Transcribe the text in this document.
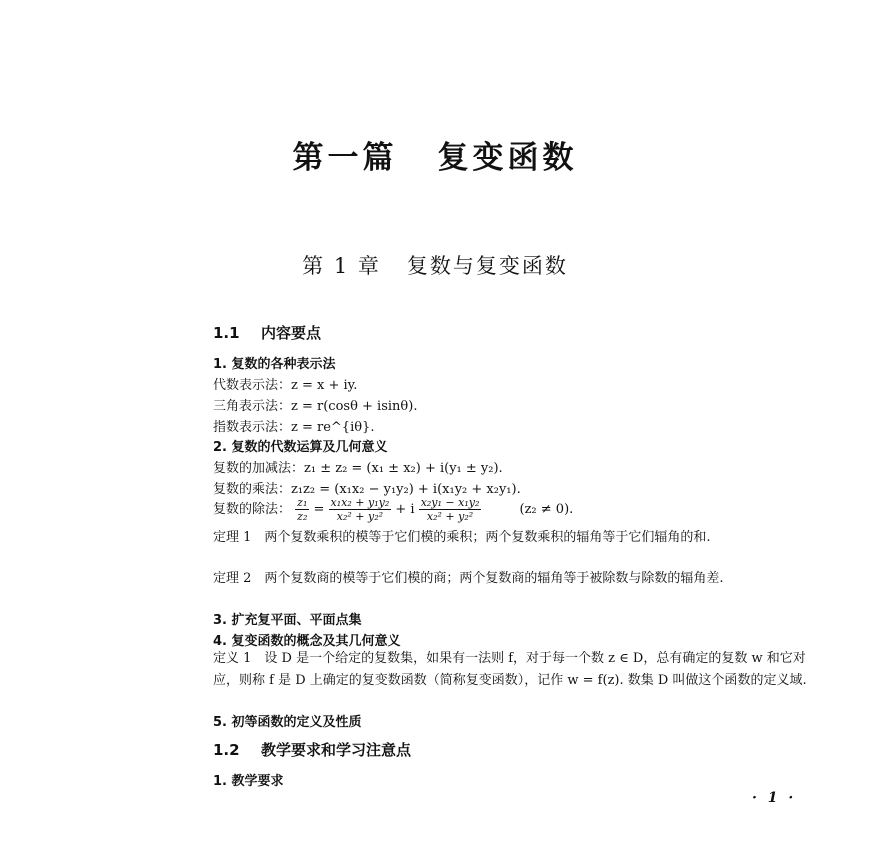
第一篇 复变函数
第 1 章 复数与复变函数
1.1 内容要点
1. 复数的各种表示法
代数表示法：z = x + iy.
三角表示法：z = r(cosθ + isinθ).
指数表示法：z = re^{iθ}.
2. 复数的代数运算及几何意义
复数的加减法：z₁ ± z₂ = (x₁ ± x₂) + i(y₁ ± y₂).
复数的乘法：z₁z₂ = (x₁x₂ − y₁y₂) + i(x₁y₂ + x₂y₁).
复数的除法： $\frac{\text{z₁}}{\text{z₂}} = \frac{\text{x₁x₂ + y₁y₂}}{\text{x₂² + y₂²}} + i \frac{\text{x₂y₁ − x₁y₂}}{\text{x₂² + y₂²}}$	(z₂ ≠ 0).
定理 1　两个复数乘积的模等于它们模的乘积；两个复数乘积的辐角等于它们辐角的和.
定理 2　两个复数商的模等于它们模的商；两个复数商的辐角等于被除数与除数的辐角差.
3. 扩充复平面、平面点集
4. 复变函数的概念及其几何意义
定义 1　设 D 是一个给定的复数集，如果有一法则 f，对于每一个数 z ∈ D，总有确定的复数 w 和它对应，则称 f 是 D 上确定的复变数函数（简称复变函数），记作 w = f(z). 数集 D 叫做这个函数的定义域.
5. 初等函数的定义及性质
1.2 教学要求和学习注意点
1. 教学要求
· 1 ·
